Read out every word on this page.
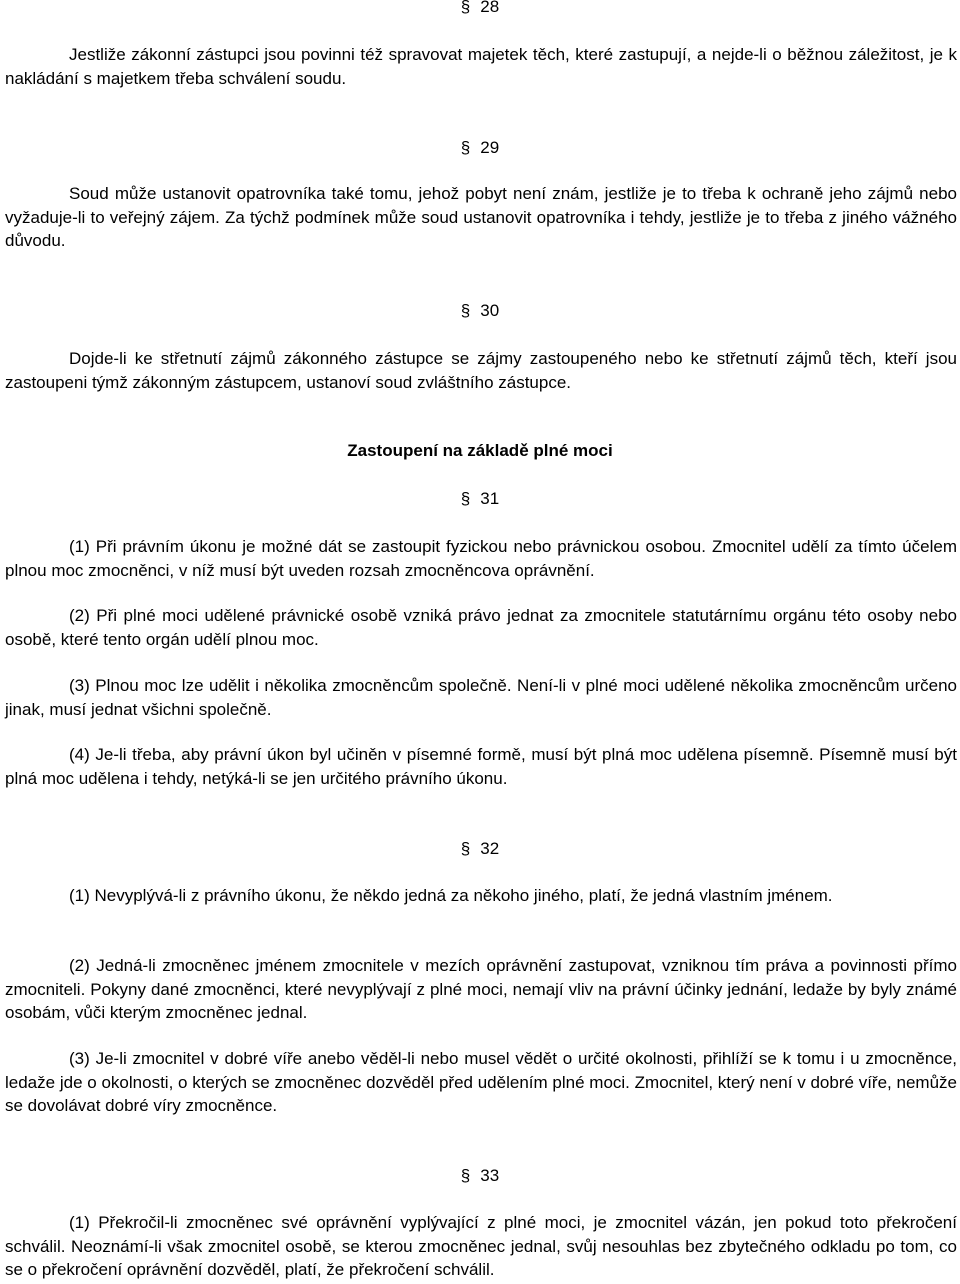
§ 28

Jestliže zákonní zástupci jsou povinni též spravovat majetek těch, které zastupují, a nejde-li o běžnou záležitost, je k nakládání s majetkem třeba schválení soudu.

§ 29

Soud může ustanovit opatrovníka také tomu, jehož pobyt není znám, jestliže je to třeba k ochraně jeho zájmů nebo vyžaduje-li to veřejný zájem. Za týchž podmínek může soud ustanovit opatrovníka i tehdy, jestliže je to třeba z jiného vážného důvodu.

§ 30

Dojde-li ke střetnutí zájmů zákonného zástupce se zájmy zastoupeného nebo ke střetnutí zájmů těch, kteří jsou zastoupeni týmž zákonným zástupcem, ustanoví soud zvláštního zástupce.

Zastoupení na základě plné moci
§ 31

(1) Při právním úkonu je možné dát se zastoupit fyzickou nebo právnickou osobou. Zmocnitel udělí za tímto účelem plnou moc zmocněnci, v níž musí být uveden rozsah zmocněncova oprávnění.

(2) Při plné moci udělené právnické osobě vzniká právo jednat za zmocnitele statutárnímu orgánu této osoby nebo osobě, které tento orgán udělí plnou moc.

(3) Plnou moc lze udělit i několika zmocněncům společně. Není-li v plné moci udělené několika zmocněncům určeno jinak, musí jednat všichni společně.

(4) Je-li třeba, aby právní úkon byl učiněn v písemné formě, musí být plná moc udělena písemně. Písemně musí být plná moc udělena i tehdy, netýká-li se jen určitého právního úkonu.

§ 32

(1) Nevyplývá-li z právního úkonu, že někdo jedná za někoho jiného, platí, že jedná vlastním jménem.

(2) Jedná-li zmocněnec jménem zmocnitele v mezích oprávnění zastupovat, vzniknou tím práva a povinnosti přímo zmocniteli. Pokyny dané zmocněnci, které nevyplývají z plné moci, nemají vliv na právní účinky jednání, ledaže by byly známé osobám, vůči kterým zmocněnec jednal.

(3) Je-li zmocnitel v dobré víře anebo věděl-li nebo musel vědět o určité okolnosti, přihlíží se k tomu i u zmocněnce, ledaže jde o okolnosti, o kterých se zmocněnec dozvěděl před udělením plné moci. Zmocnitel, který není v dobré víře, nemůže se dovolávat dobré víry zmocněnce.

§ 33

(1) Překročil-li zmocněnec své oprávnění vyplývající z plné moci, je zmocnitel vázán, jen pokud toto překročení schválil. Neoznámí-li však zmocnitel osobě, se kterou zmocněnec jednal, svůj nesouhlas bez zbytečného odkladu po tom, co se o překročení oprávnění dozvěděl, platí, že překročení schválil.
